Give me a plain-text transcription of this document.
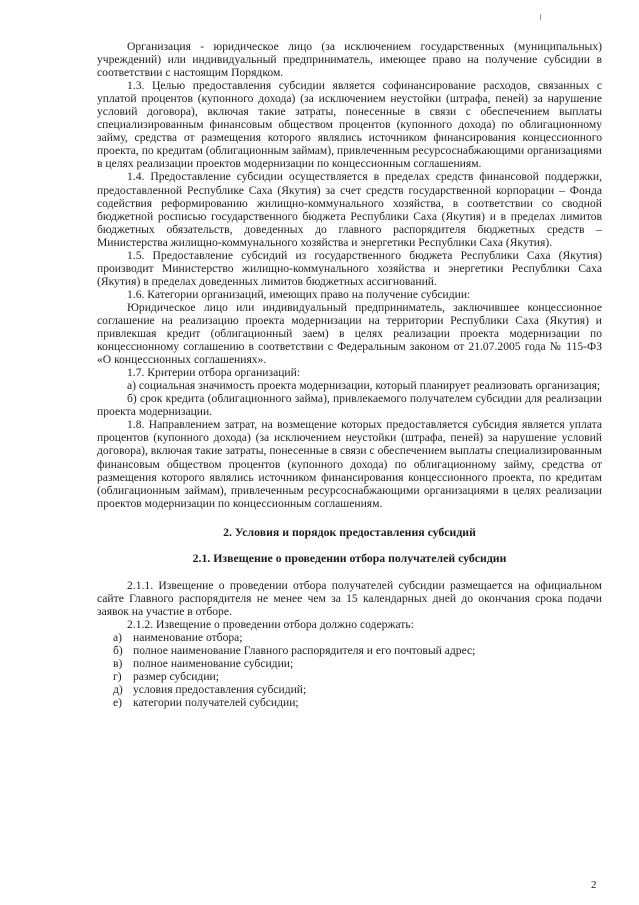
Организация - юридическое лицо (за исключением государственных (муниципальных) учреждений) или индивидуальный предприниматель, имеющее право на получение субсидии в соответствии с настоящим Порядком.

1.3. Целью предоставления субсидии является софинансирование расходов, связанных с уплатой процентов (купонного дохода) (за исключением неустойки (штрафа, пеней) за нарушение условий договора), включая такие затраты, понесенные в связи с обеспечением выплаты специализированным финансовым обществом процентов (купонного дохода) по облигационному займу, средства от размещения которого являлись источником финансирования концессионного проекта, по кредитам (облигационным займам), привлеченным ресурсоснабжающими организациями в целях реализации проектов модернизации по концессионным соглашениям.

1.4. Предоставление субсидии осуществляется в пределах средств финансовой поддержки, предоставленной Республике Саха (Якутия) за счет средств государственной корпорации – Фонда содействия реформированию жилищно-коммунального хозяйства, в соответствии со сводной бюджетной росписью государственного бюджета Республики Саха (Якутия) и в пределах лимитов бюджетных обязательств, доведенных до главного распорядителя бюджетных средств – Министерства жилищно-коммунального хозяйства и энергетики Республики Саха (Якутия).

1.5. Предоставление субсидий из государственного бюджета Республики Саха (Якутия) производит Министерство жилищно-коммунального хозяйства и энергетики Республики Саха (Якутия) в пределах доведенных лимитов бюджетных ассигнований.

1.6. Категории организаций, имеющих право на получение субсидии:

Юридическое лицо или индивидуальный предприниматель, заключившее концессионное соглашение на реализацию проекта модернизации на территории Республики Саха (Якутия) и привлекшая кредит (облигационный заем) в целях реализации проекта модернизации по концессионному соглашению в соответствии с Федеральным законом от 21.07.2005 года № 115-ФЗ «О концессионных соглашениях».

1.7. Критерии отбора организаций:

а) социальная значимость проекта модернизации, который планирует реализовать организация;

б) срок кредита (облигационного займа), привлекаемого получателем субсидии для реализации проекта модернизации.

1.8. Направлением затрат, на возмещение которых предоставляется субсидия является уплата процентов (купонного дохода) (за исключением неустойки (штрафа, пеней) за нарушение условий договора), включая такие затраты, понесенные в связи с обеспечением выплаты специализированным финансовым обществом процентов (купонного дохода) по облигационному займу, средства от размещения которого являлись источником финансирования концессионного проекта, по кредитам (облигационным займам), привлеченным ресурсоснабжающими организациями в целях реализации проектов модернизации по концессионным соглашениям.

2. Условия и порядок предоставления субсидий

2.1. Извещение о проведении отбора получателей субсидии

2.1.1. Извещение о проведении отбора получателей субсидии размещается на официальном сайте Главного распорядителя не менее чем за 15 календарных дней до окончания срока подачи заявок на участие в отборе.

2.1.2. Извещение о проведении отбора должно содержать:

а) наименование отбора;
б) полное наименование Главного распорядителя и его почтовый адрес;
в) полное наименование субсидии;
г) размер субсидии;
д) условия предоставления субсидий;
е) категории получателей субсидии;
2
